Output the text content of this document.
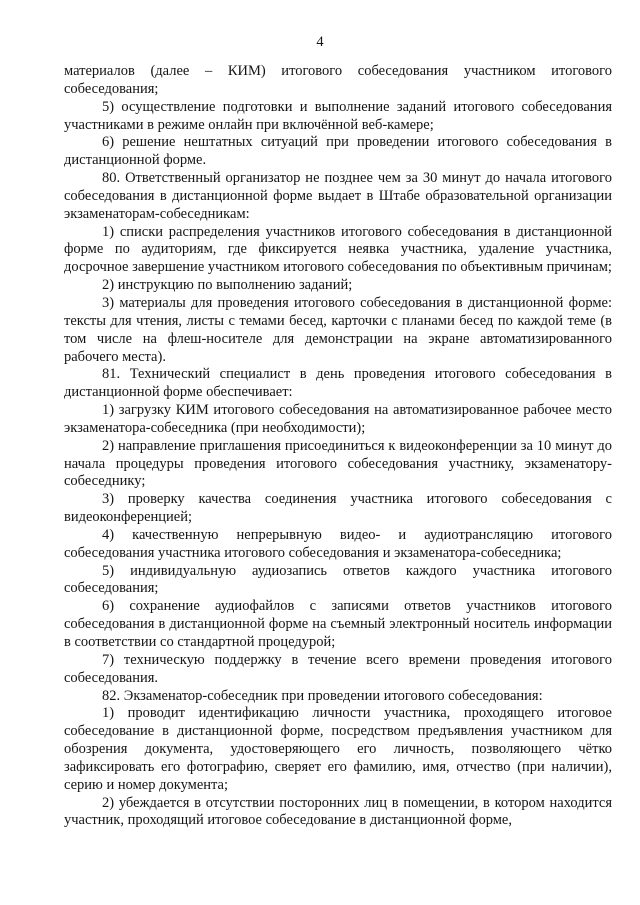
4

материалов (далее – КИМ) итогового собеседования участником итогового собеседования;

5) осуществление подготовки и выполнение заданий итогового собеседования участниками в режиме онлайн при включённой веб-камере;

6) решение нештатных ситуаций при проведении итогового собеседования в дистанционной форме.

80. Ответственный организатор не позднее чем за 30 минут до начала итогового собеседования в дистанционной форме выдает в Штабе образовательной организации экзаменаторам-собеседникам:

1) списки распределения участников итогового собеседования в дистанционной форме по аудиториям, где фиксируется неявка участника, удаление участника, досрочное завершение участником итогового собеседования по объективным причинам;

2) инструкцию по выполнению заданий;

3) материалы для проведения итогового собеседования в дистанционной форме: тексты для чтения, листы с темами бесед, карточки с планами бесед по каждой теме (в том числе на флеш-носителе для демонстрации на экране автоматизированного рабочего места).

81. Технический специалист в день проведения итогового собеседования в дистанционной форме обеспечивает:

1) загрузку КИМ итогового собеседования на автоматизированное рабочее место экзаменатора-собеседника (при необходимости);

2) направление приглашения присоединиться к видеоконференции за 10 минут до начала процедуры проведения итогового собеседования участнику, экзаменатору-собеседнику;

3) проверку качества соединения участника итогового собеседования с видеоконференцией;

4) качественную непрерывную видео- и аудиотрансляцию итогового собеседования участника итогового собеседования и экзаменатора-собеседника;

5) индивидуальную аудиозапись ответов каждого участника итогового собеседования;

6) сохранение аудиофайлов с записями ответов участников итогового собеседования в дистанционной форме на съемный электронный носитель информации в соответствии со стандартной процедурой;

7) техническую поддержку в течение всего времени проведения итогового собеседования.

82. Экзаменатор-собеседник при проведении итогового собеседования:

1) проводит идентификацию личности участника, проходящего итоговое собеседование в дистанционной форме, посредством предъявления участником для обозрения документа, удостоверяющего его личность, позволяющего чётко зафиксировать его фотографию, сверяет его фамилию, имя, отчество (при наличии), серию и номер документа;

2) убеждается в отсутствии посторонних лиц в помещении, в котором находится участник, проходящий итоговое собеседование в дистанционной форме,
